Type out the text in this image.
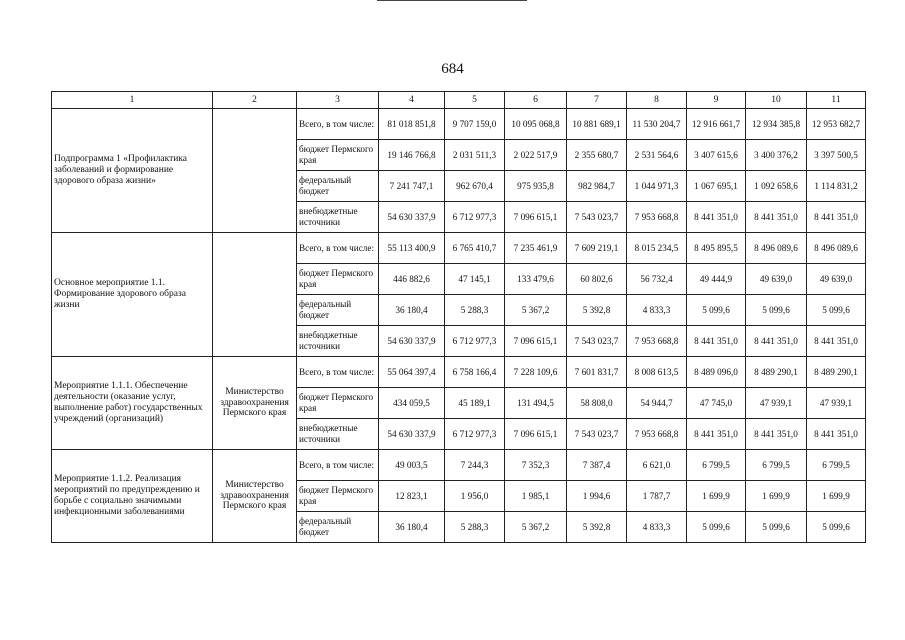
684
1	2	3	4	5	6	7	8	9	10	11
Подпрограмма 1 «Профилактика заболеваний и формирование здорового образа жизни»		Всего, в том числе:	81 018 851,8	9 707 159,0	10 095 068,8	10 881 689,1	11 530 204,7	12 916 661,7	12 934 385,8	12 953 682,7
		бюджет Пермского края	19 146 766,8	2 031 511,3	2 022 517,9	2 355 680,7	2 531 564,6	3 407 615,6	3 400 376,2	3 397 500,5
		федеральный бюджет	7 241 747,1	962 670,4	975 935,8	982 984,7	1 044 971,3	1 067 695,1	1 092 658,6	1 114 831,2
		внебюджетные источники	54 630 337,9	6 712 977,3	7 096 615,1	7 543 023,7	7 953 668,8	8 441 351,0	8 441 351,0	8 441 351,0
Основное мероприятие 1.1. Формирование здорового образа жизни		Всего, в том числе:	55 113 400,9	6 765 410,7	7 235 461,9	7 609 219,1	8 015 234,5	8 495 895,5	8 496 089,6	8 496 089,6
		бюджет Пермского края	446 882,6	47 145,1	133 479,6	60 802,6	56 732,4	49 444,9	49 639,0	49 639,0
		федеральный бюджет	36 180,4	5 288,3	5 367,2	5 392,8	4 833,3	5 099,6	5 099,6	5 099,6
		внебюджетные источники	54 630 337,9	6 712 977,3	7 096 615,1	7 543 023,7	7 953 668,8	8 441 351,0	8 441 351,0	8 441 351,0
Мероприятие 1.1.1. Обеспечение деятельности (оказание услуг, выполнение работ) государственных учреждений (организаций)	Министерство здравоохранения Пермского края	Всего, в том числе:	55 064 397,4	6 758 166,4	7 228 109,6	7 601 831,7	8 008 613,5	8 489 096,0	8 489 290,1	8 489 290,1
		бюджет Пермского края	434 059,5	45 189,1	131 494,5	58 808,0	54 944,7	47 745,0	47 939,1	47 939,1
		внебюджетные источники	54 630 337,9	6 712 977,3	7 096 615,1	7 543 023,7	7 953 668,8	8 441 351,0	8 441 351,0	8 441 351,0
Мероприятие 1.1.2. Реализация мероприятий по предупреждению и борьбе с социально значимыми инфекционными заболеваниями	Министерство здравоохранения Пермского края	Всего, в том числе:	49 003,5	7 244,3	7 352,3	7 387,4	6 621,0	6 799,5	6 799,5	6 799,5
		бюджет Пермского края	12 823,1	1 956,0	1 985,1	1 994,6	1 787,7	1 699,9	1 699,9	1 699,9
		федеральный бюджет	36 180,4	5 288,3	5 367,2	5 392,8	4 833,3	5 099,6	5 099,6	5 099,6
